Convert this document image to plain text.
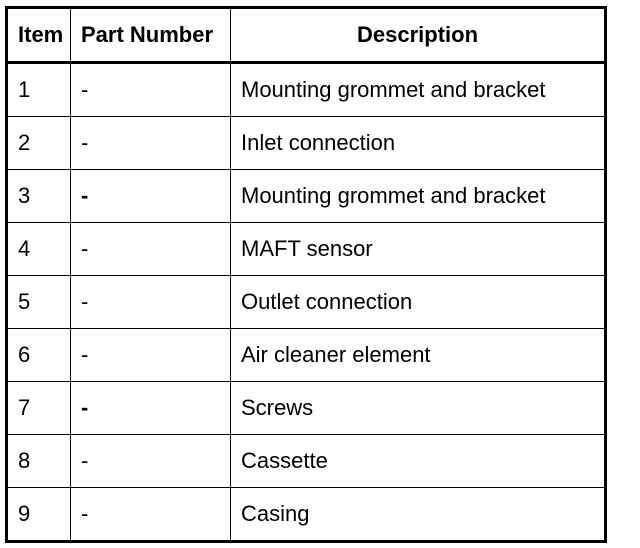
Item	Part Number	Description
1	-	Mounting grommet and bracket
2	-	Inlet connection
3	-	Mounting grommet and bracket
4	-	MAFT sensor
5	-	Outlet connection
6	-	Air cleaner element
7	-	Screws
8	-	Cassette
9	-	Casing
